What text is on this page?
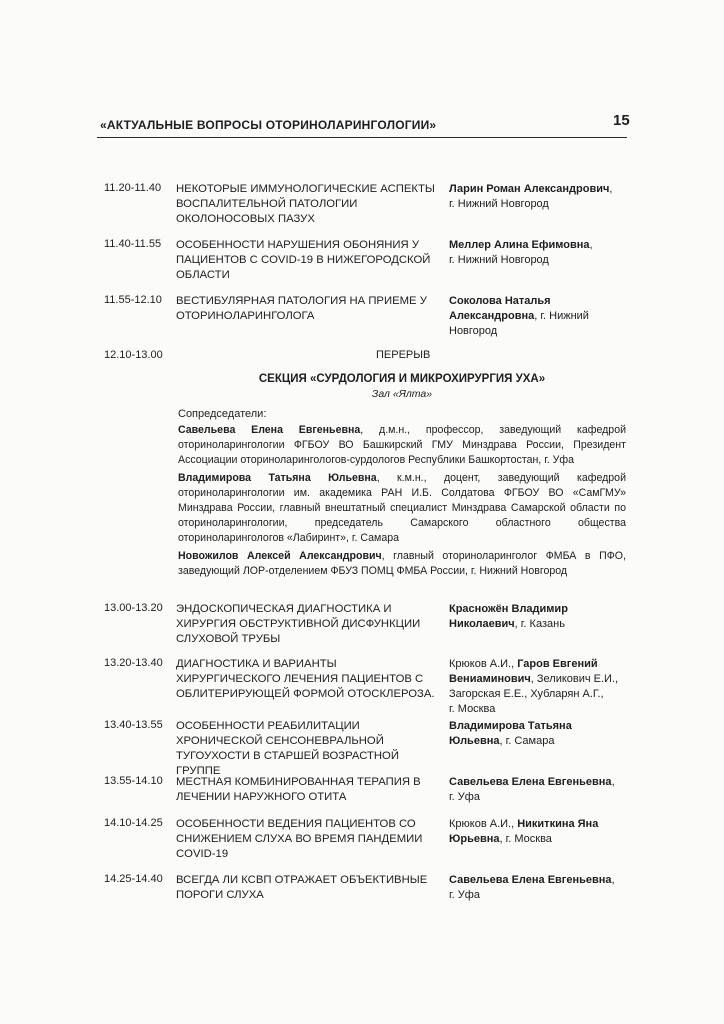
«АКТУАЛЬНЫЕ ВОПРОСЫ ОТОРИНОЛАРИНГОЛОГИИ»	15
11.20-11.40 НЕКОТОРЫЕ ИММУНОЛОГИЧЕСКИЕ АСПЕКТЫ ВОСПАЛИТЕЛЬНОЙ ПАТОЛОГИИ ОКОЛОНОСОВЫХ ПАЗУХ
Ларин Роман Александрович,
г. Нижний Новгород
11.40-11.55 ОСОБЕННОСТИ НАРУШЕНИЯ ОБОНЯНИЯ У ПАЦИЕНТОВ С COVID-19 В НИЖЕГОРОДСКОЙ ОБЛАСТИ
Меллер Алина Ефимовна,
г. Нижний Новгород
11.55-12.10 ВЕСТИБУЛЯРНАЯ ПАТОЛОГИЯ НА ПРИЕМЕ У ОТОРИНОЛАРИНГОЛОГА
Соколова Наталья
Александровна, г. Нижний
Новгород
12.10-13.00	ПЕРЕРЫВ
СЕКЦИЯ «СУРДОЛОГИЯ И МИКРОХИРУРГИЯ УХА»
Зал «Ялта»
Сопредседатели:
Савельева Елена Евгеньевна, д.м.н., профессор, заведующий кафедрой оториноларингологии ФГБОУ ВО Башкирский ГМУ Минздрава России, Президент Ассоциации оториноларингологов-сурдологов Республики Башкортостан, г. Уфа
Владимирова Татьяна Юльевна, к.м.н., доцент, заведующий кафедрой оториноларингологии им. академика РАН И.Б. Солдатова ФГБОУ ВО «СамГМУ» Минздрава России, главный внештатный специалист Минздрава Самарской области по оториноларингологии, председатель Самарского областного общества оториноларингологов «Лабиринт», г. Самара
Новожилов Алексей Александрович, главный оториноларинголог ФМБА в ПФО, заведующий ЛОР-отделением ФБУЗ ПОМЦ ФМБА России, г. Нижний Новгород
13.00-13.20 ЭНДОСКОПИЧЕСКАЯ ДИАГНОСТИКА И ХИРУРГИЯ ОБСТРУКТИВНОЙ ДИСФУНКЦИИ СЛУХОВОЙ ТРУБЫ
Красножён Владимир
Николаевич, г. Казань
13.20-13.40 ДИАГНОСТИКА И ВАРИАНТЫ ХИРУРГИЧЕСКОГО ЛЕЧЕНИЯ ПАЦИЕНТОВ С ОБЛИТЕРИРУЮЩЕЙ ФОРМОЙ ОТОСКЛЕРОЗА.
Крюков А.И., Гаров Евгений
Вениаминович, Зеликович Е.И.,
Загорская Е.Е., Хубларян А.Г.,
г. Москва
13.40-13.55 ОСОБЕННОСТИ РЕАБИЛИТАЦИИ ХРОНИЧЕСКОЙ СЕНСОНЕВРАЛЬНОЙ ТУГОУХОСТИ В СТАРШЕЙ ВОЗРАСТНОЙ ГРУППЕ
Владимирова Татьяна
Юльевна, г. Самара
13.55-14.10 МЕСТНАЯ КОМБИНИРОВАННАЯ ТЕРАПИЯ В ЛЕЧЕНИИ НАРУЖНОГО ОТИТА
Савельева Елена Евгеньевна,
г. Уфа
14.10-14.25 ОСОБЕННОСТИ ВЕДЕНИЯ ПАЦИЕНТОВ СО СНИЖЕНИЕМ СЛУХА ВО ВРЕМЯ ПАНДЕМИИ COVID-19
Крюков А.И., Никиткина Яна
Юрьевна, г. Москва
14.25-14.40 ВСЕГДА ЛИ КСВП ОТРАЖАЕТ ОБЪЕКТИВНЫЕ ПОРОГИ СЛУХА
Савельева Елена Евгеньевна,
г. Уфа
